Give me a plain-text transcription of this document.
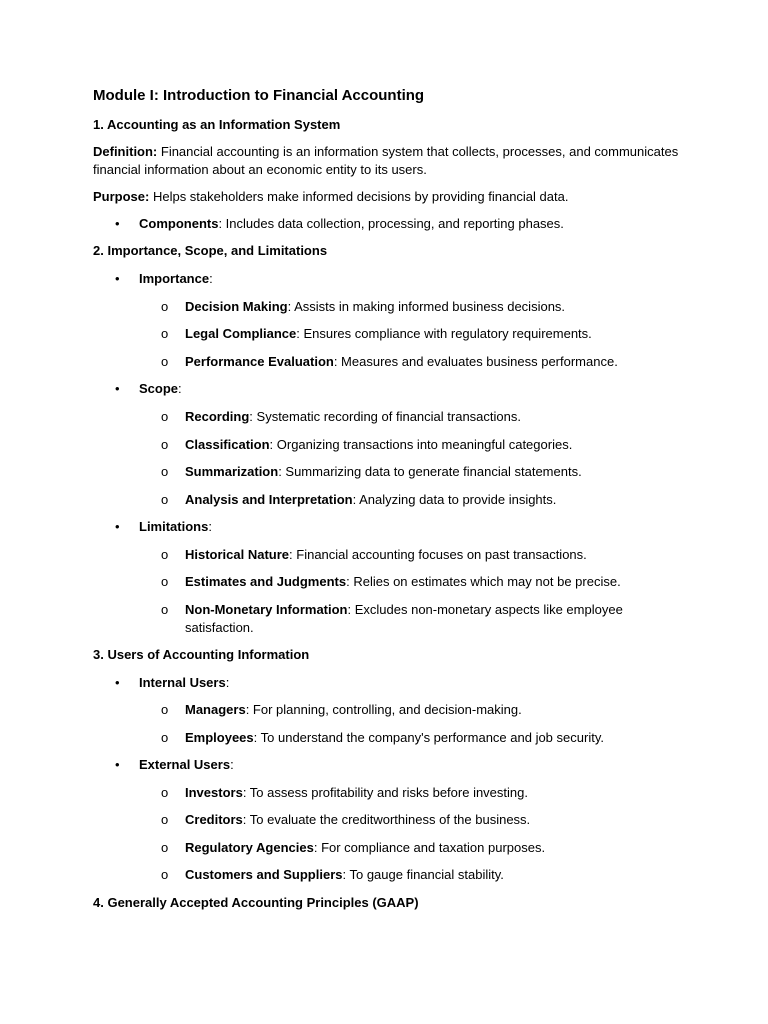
Module I: Introduction to Financial Accounting
1. Accounting as an Information System
Definition: Financial accounting is an information system that collects, processes, and communicates
financial information about an economic entity to its users.
Purpose: Helps stakeholders make informed decisions by providing financial data.
• Components: Includes data collection, processing, and reporting phases.
2. Importance, Scope, and Limitations
• Importance:
o Decision Making: Assists in making informed business decisions.
o Legal Compliance: Ensures compliance with regulatory requirements.
o Performance Evaluation: Measures and evaluates business performance.
• Scope:
o Recording: Systematic recording of financial transactions.
o Classification: Organizing transactions into meaningful categories.
o Summarization: Summarizing data to generate financial statements.
o Analysis and Interpretation: Analyzing data to provide insights.
• Limitations:
o Historical Nature: Financial accounting focuses on past transactions.
o Estimates and Judgments: Relies on estimates which may not be precise.
o Non-Monetary Information: Excludes non-monetary aspects like employee
satisfaction.
3. Users of Accounting Information
• Internal Users:
o Managers: For planning, controlling, and decision-making.
o Employees: To understand the company's performance and job security.
• External Users:
o Investors: To assess profitability and risks before investing.
o Creditors: To evaluate the creditworthiness of the business.
o Regulatory Agencies: For compliance and taxation purposes.
o Customers and Suppliers: To gauge financial stability.
4. Generally Accepted Accounting Principles (GAAP)
